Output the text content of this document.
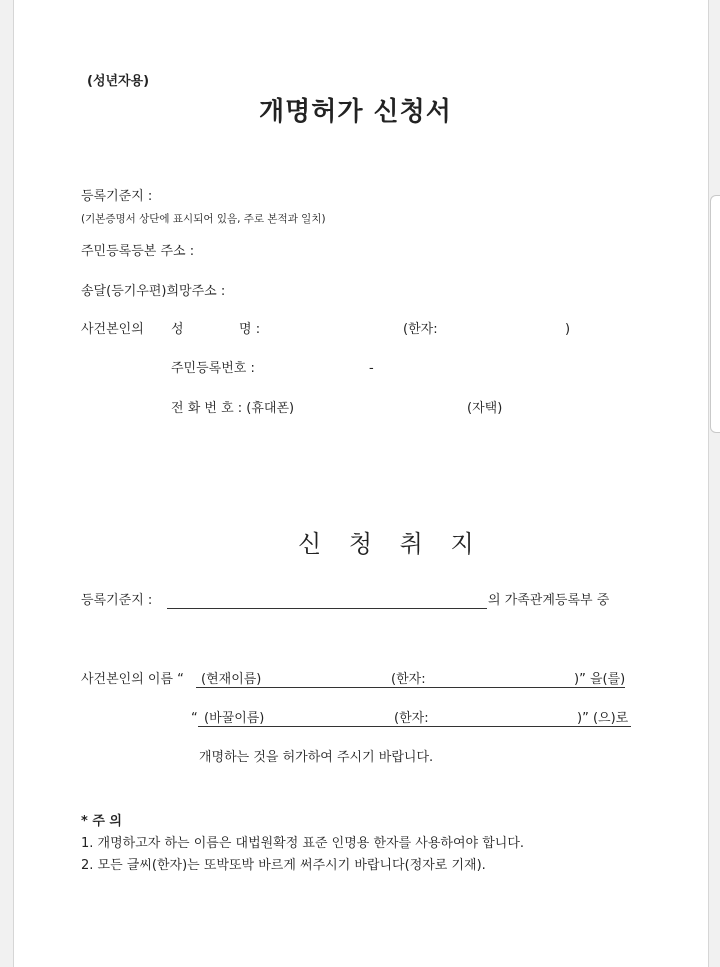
(성년자용)
개명허가 신청서
등록기준지 :
(기본증명서 상단에 표시되어 있음, 주로 본적과 일치)
주민등록등본 주소 :
송달(등기우편)희망주소 :
사건본인의 성	명 :	(한자:	)
주민등록번호 :	-
전 화 번 호 : (휴대폰)	(자택)
신 청 취 지
등록기준지 :	의 가족관계등록부 중
사건본인의 이름 “ (현재이름)	(한자:	)” 을(를)
“ (바꿀이름)	(한자:	)” (으)로
개명하는 것을 허가하여 주시기 바랍니다.
* 주 의
1. 개명하고자 하는 이름은 대법원확정 표준 인명용 한자를 사용하여야 합니다.
2. 모든 글씨(한자)는 또박또박 바르게 써주시기 바랍니다(정자로 기재).
